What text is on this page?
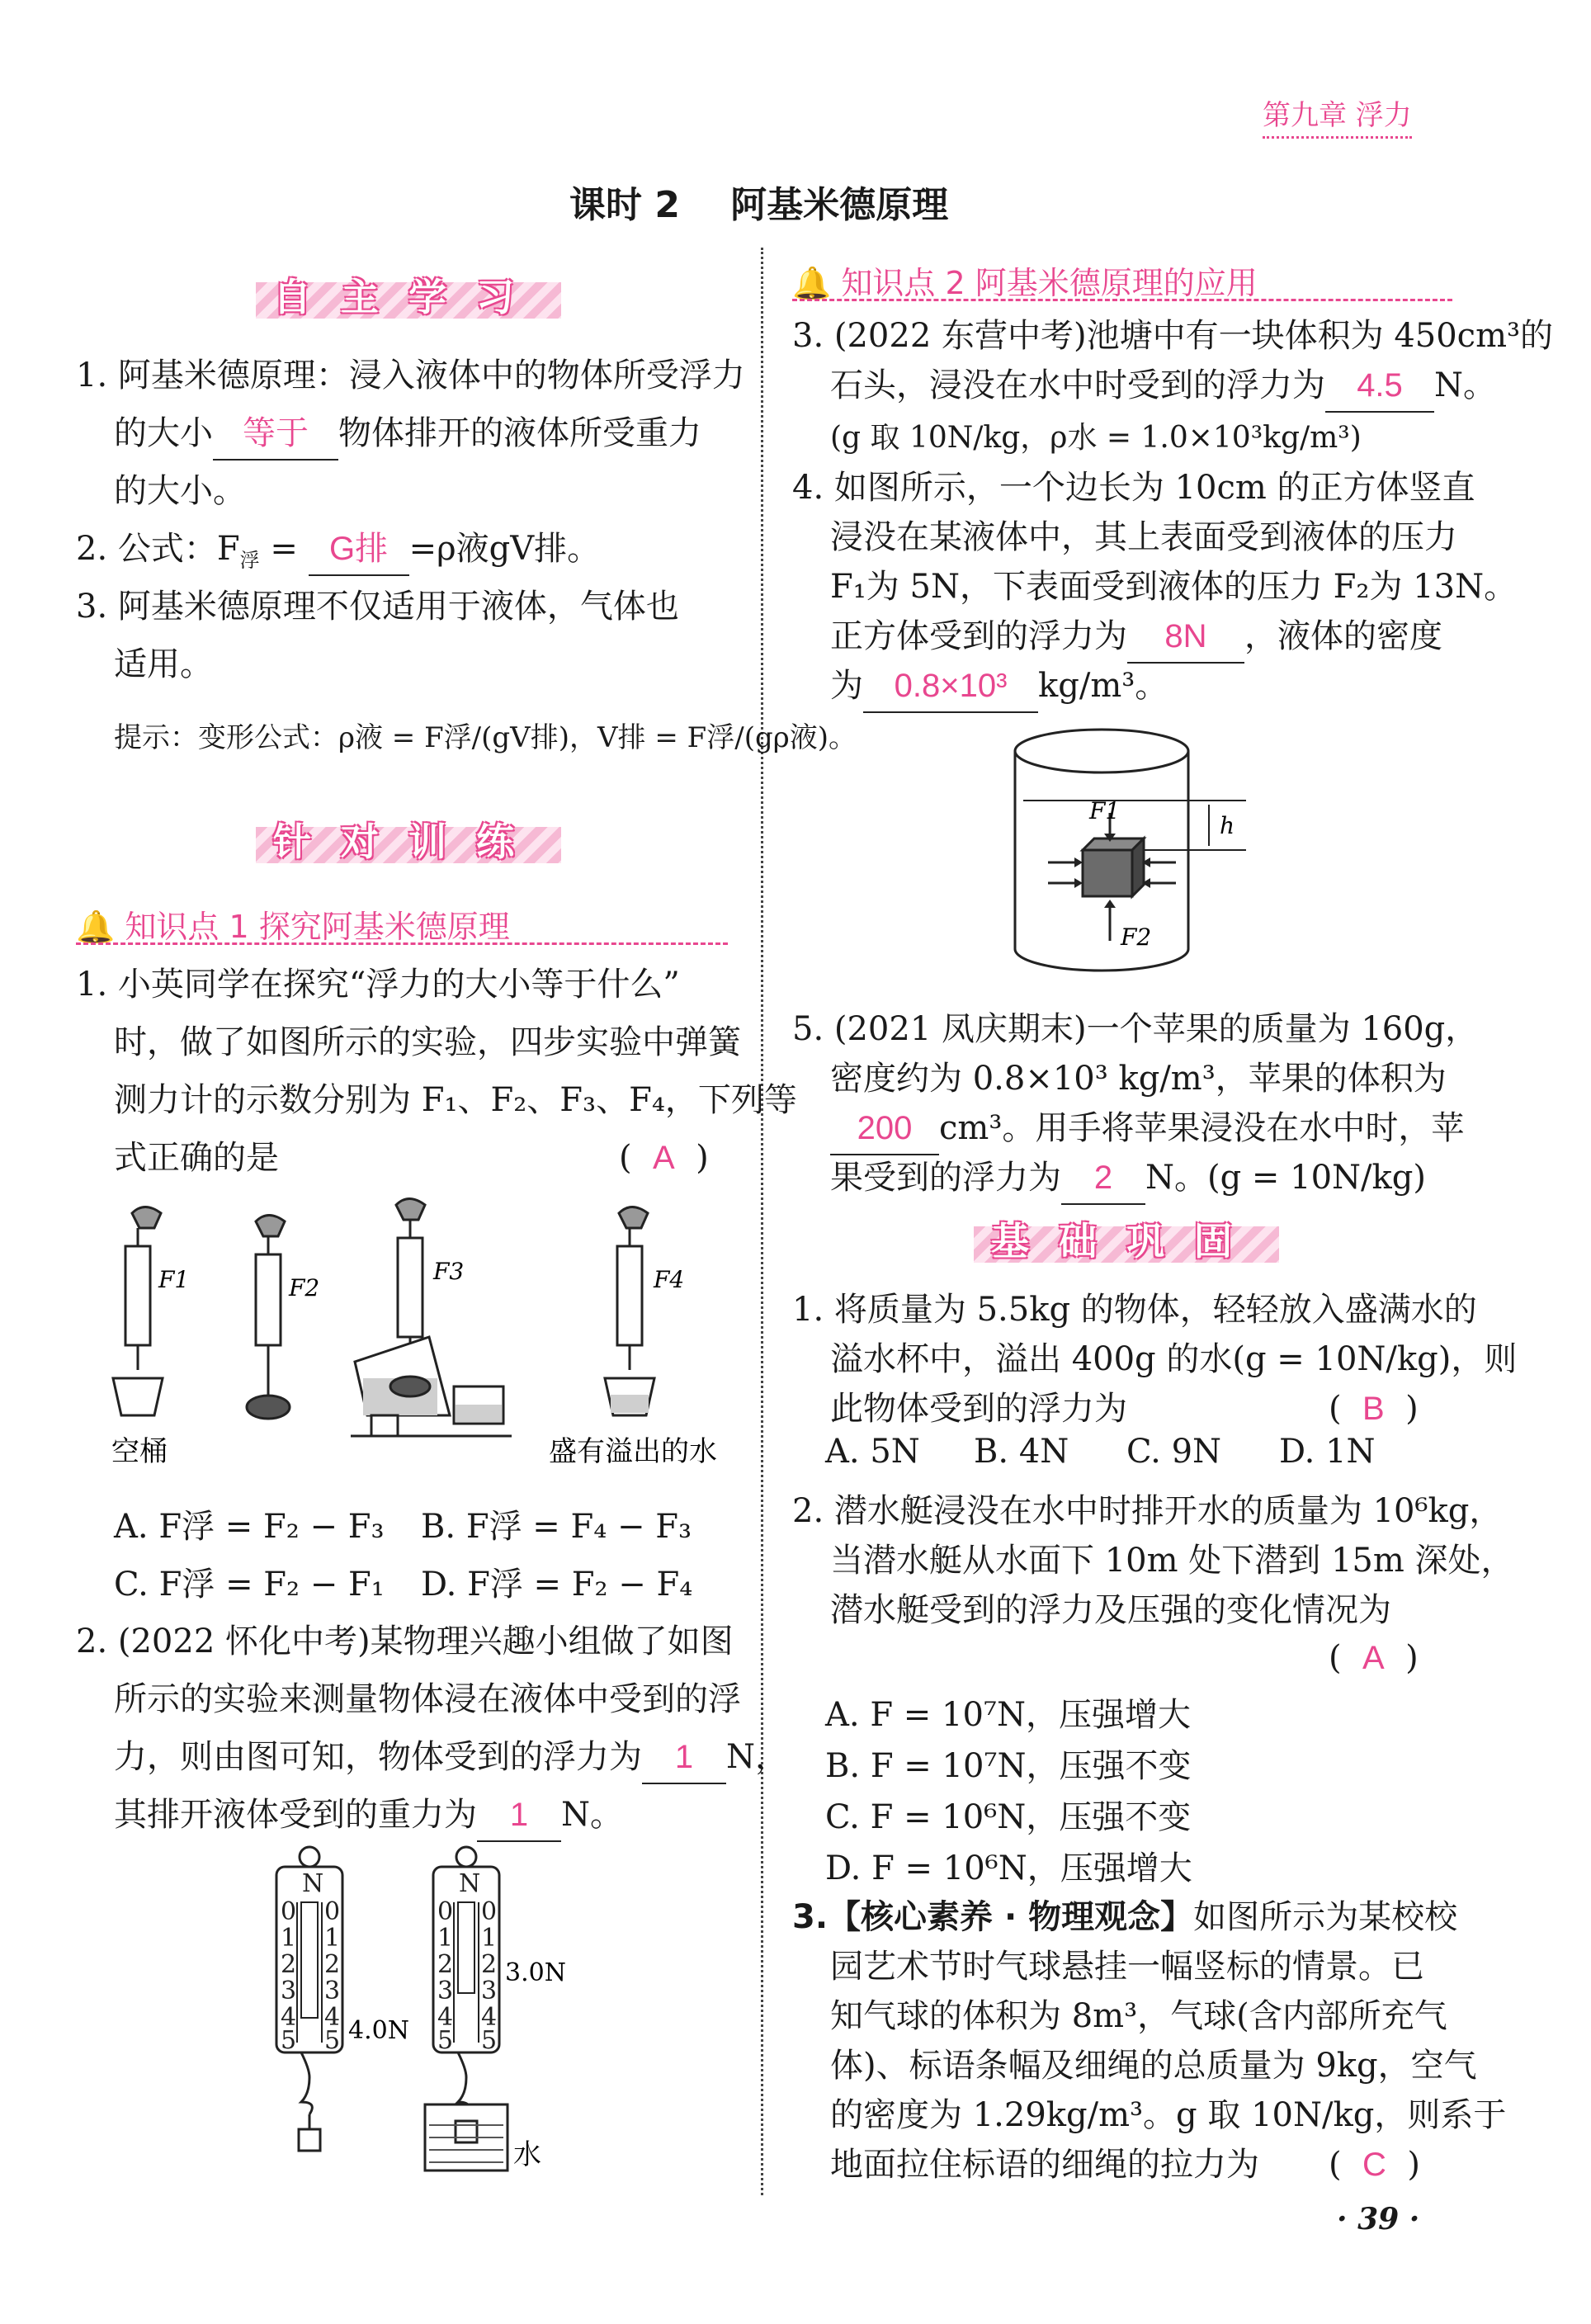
第九章 浮力
课时 2    阿基米德原理
自主学习
1. 阿基米德原理：浸入液体中的物体所受浮力
的大小 等于 物体排开的液体所受重力
的大小。
2. 公式：$F_浮 = G$排 =ρ液gV排。
3. 阿基米德原理不仅适用于液体，气体也
适用。
提示：变形公式：ρ液 = F浮/(gV排)，V排 = F浮/(gρ液)。
针对训练
🔔 知识点 1 探究阿基米德原理
1. 小英同学在探究“浮力的大小等于什么”
时，做了如图所示的实验，四步实验中弹簧
测力计的示数分别为 F₁、F₂、F₃、F₄，下列等
式正确的是	(  A  )
F1	F2
F3	F4
空桶	盛有溢出的水
A. F浮 = F₂ − F₃ B. F浮 = F₄ − F₃
C. F浮 = F₂ − F₁ D. F浮 = F₂ − F₄
2. (2022 怀化中考)某物理兴趣小组做了如图
所示的实验来测量物体浸在液体中受到的浮
力，则由图可知，物体受到的浮力为 1 N，
其排开液体受到的重力为 1 N。
N	N
0 0
1 1
2 2
3 3
4 4
5 5
0 0
1 1
2 2
3 3
4 4
5 5
4.0N
3.0N
水
🔔 知识点 2 阿基米德原理的应用
3. (2022 东营中考)池塘中有一块体积为 450cm³的
石头，浸没在水中时受到的浮力为 4.5 N。
(g 取 10N/kg，ρ水 = 1.0×10³kg/m³)
4. 如图所示，一个边长为 10cm 的正方体竖直
浸没在某液体中，其上表面受到液体的压力
F₁为 5N，下表面受到液体的压力 F₂为 13N。
正方体受到的浮力为 8N ，液体的密度
为 0.8×10³ kg/m³。
F1
F2
h
5. (2021 凤庆期末)一个苹果的质量为 160g，
密度约为 0.8×10³ kg/m³，苹果的体积为
200 cm³。用手将苹果浸没在水中时，苹
果受到的浮力为 2 N。(g = 10N/kg)
基础巩固
1. 将质量为 5.5kg 的物体，轻轻放入盛满水的
溢水杯中，溢出 400g 的水(g = 10N/kg)，则
此物体受到的浮力为	(  B  )
A. 5N B. 4N C. 9N D. 1N
2. 潜水艇浸没在水中时排开水的质量为 10⁶kg，
当潜水艇从水面下 10m 处下潜到 15m 深处，
潜水艇受到的浮力及压强的变化情况为
(  A  )
A. F = 10⁷N，压强增大
B. F = 10⁷N，压强不变
C. F = 10⁶N，压强不变
D. F = 10⁶N，压强增大
3.【核心素养 · 物理观念】如图所示为某校校
园艺术节时气球悬挂一幅竖标的情景。已
知气球的体积为 8m³，气球(含内部所充气
体)、标语条幅及细绳的总质量为 9kg，空气
的密度为 1.29kg/m³。g 取 10N/kg，则系于
地面拉住标语的细绳的拉力为 (  C  )
· 39 ·
